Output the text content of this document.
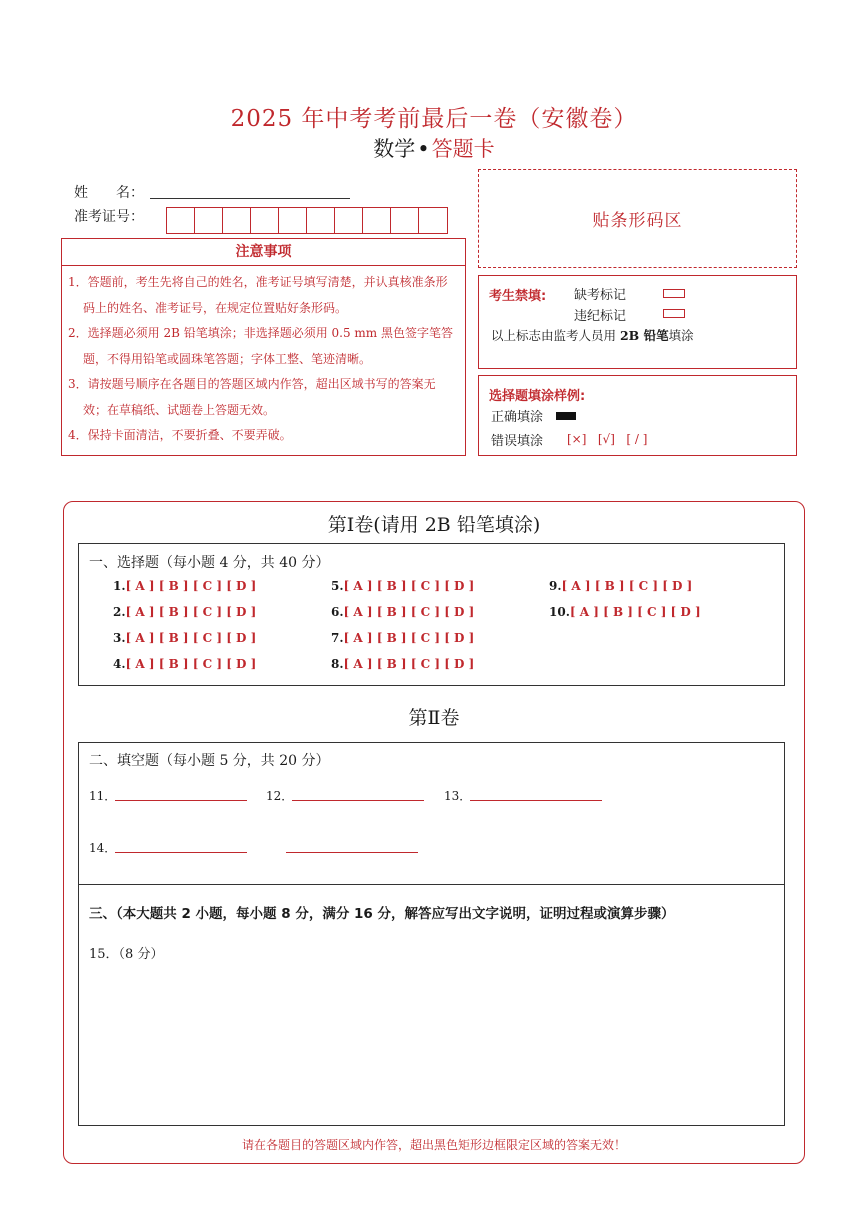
2025 年中考考前最后一卷（安徽卷）
数学•答题卡
姓　　名：
准考证号：
注意事项
1．答题前，考生先将自己的姓名，准考证号填写清楚，并认真核准条形码上的姓名、准考证号，在规定位置贴好条形码。
2．选择题必须用 2B 铅笔填涂；非选择题必须用 0.5 mm 黑色签字笔答题，不得用铅笔或圆珠笔答题；字体工整、笔迹清晰。
3．请按题号顺序在各题目的答题区域内作答，超出区域书写的答案无效；在草稿纸、试题卷上答题无效。
4．保持卡面清洁，不要折叠、不要弄破。
贴条形码区
考生禁填: 缺考标记
违纪标记
以上标志由监考人员用 2B 铅笔填涂
选择题填涂样例:
正确填涂
错误填涂 [×] [√] [ / ]
第Ⅰ卷(请用 2B 铅笔填涂)
一、选择题（每小题 4 分，共 40 分）
1.[ A ] [ B ] [ C ] [ D ]
2.[ A ] [ B ] [ C ] [ D ]
3.[ A ] [ B ] [ C ] [ D ]
4.[ A ] [ B ] [ C ] [ D ]
5.[ A ] [ B ] [ C ] [ D ]
6.[ A ] [ B ] [ C ] [ D ]
7.[ A ] [ B ] [ C ] [ D ]
8.[ A ] [ B ] [ C ] [ D ]
9.[ A ] [ B ] [ C ] [ D ]
10.[ A ] [ B ] [ C ] [ D ]
第Ⅱ卷
二、填空题（每小题 5 分，共 20 分）
11．	12．	13．
14．
三、（本大题共 2 小题，每小题 8 分，满分 16 分，解答应写出文字说明，证明过程或演算步骤）
15．（8 分）
请在各题目的答题区域内作答，超出黑色矩形边框限定区域的答案无效！
